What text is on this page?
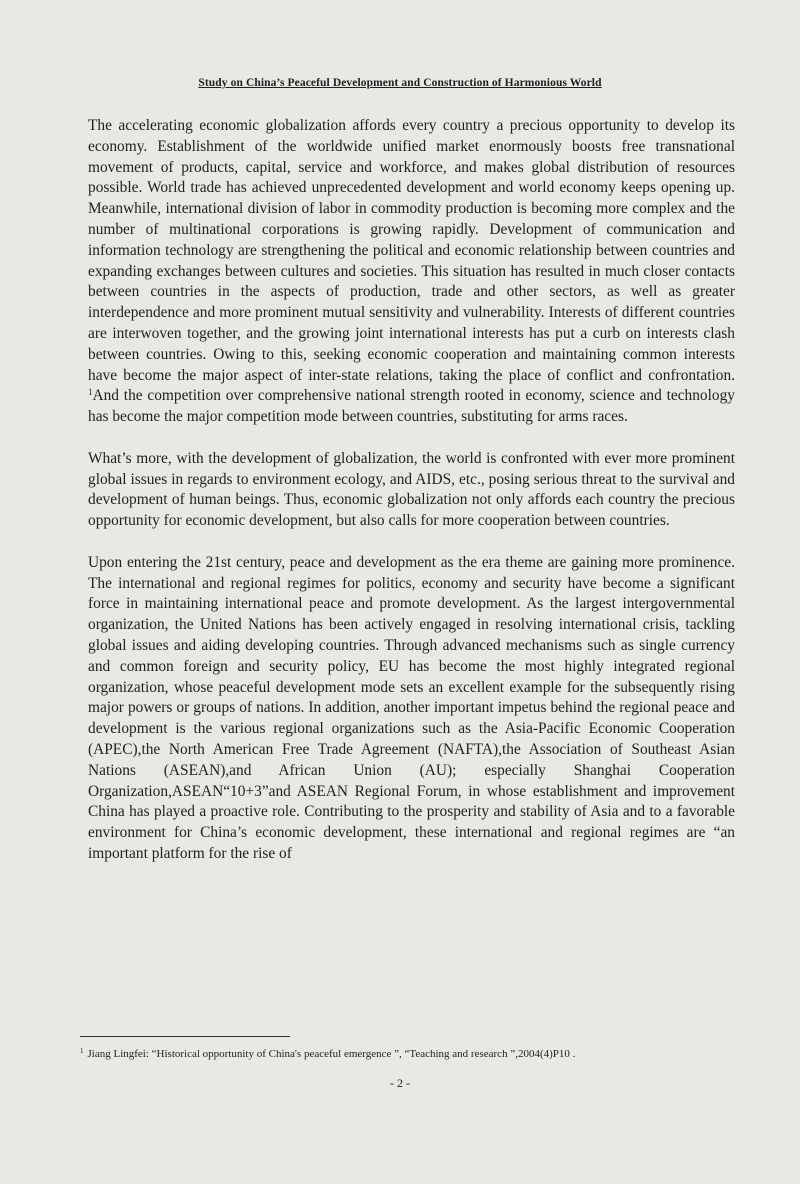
Study on China’s Peaceful Development and Construction of Harmonious World

The accelerating economic globalization affords every country a precious opportunity to develop its economy. Establishment of the worldwide unified market enormously boosts free transnational movement of products, capital, service and workforce, and makes global distribution of resources possible. World trade has achieved unprecedented development and world economy keeps opening up. Meanwhile, international division of labor in commodity production is becoming more complex and the number of multinational corporations is growing rapidly. Development of communication and information technology are strengthening the political and economic relationship between countries and expanding exchanges between cultures and societies. This situation has resulted in much closer contacts between countries in the aspects of production, trade and other sectors, as well as greater interdependence and more prominent mutual sensitivity and vulnerability. Interests of different countries are interwoven together, and the growing joint international interests has put a curb on interests clash between countries. Owing to this, seeking economic cooperation and maintaining common interests have become the major aspect of inter-state relations, taking the place of conflict and confrontation. $^1$And the competition over comprehensive national strength rooted in economy, science and technology has become the major competition mode between countries, substituting for arms races.

What’s more, with the development of globalization, the world is confronted with ever more prominent global issues in regards to environment ecology, and AIDS, etc., posing serious threat to the survival and development of human beings. Thus, economic globalization not only affords each country the precious opportunity for economic development, but also calls for more cooperation between countries.

Upon entering the 21st century, peace and development as the era theme are gaining more prominence. The international and regional regimes for politics, economy and security have become a significant force in maintaining international peace and promote development. As the largest intergovernmental organization, the United Nations has been actively engaged in resolving international crisis, tackling global issues and aiding developing countries. Through advanced mechanisms such as single currency and common foreign and security policy, EU has become the most highly integrated regional organization, whose peaceful development mode sets an excellent example for the subsequently rising major powers or groups of nations. In addition, another important impetus behind the regional peace and development is the various regional organizations such as the Asia-Pacific Economic Cooperation (APEC),the North American Free Trade Agreement (NAFTA),the Association of Southeast Asian Nations (ASEAN),and African Union (AU); especially Shanghai Cooperation Organization,ASEAN“10+3”and ASEAN Regional Forum, in whose establishment and improvement China has played a proactive role. Contributing to the prosperity and stability of Asia and to a favorable environment for China’s economic development, these international and regional regimes are “an important platform for the rise of

$^1$ Jiang Lingfei: “Historical opportunity of China's peaceful emergence ”, “Teaching and research ”,2004(4)P10 .
- 2 -
